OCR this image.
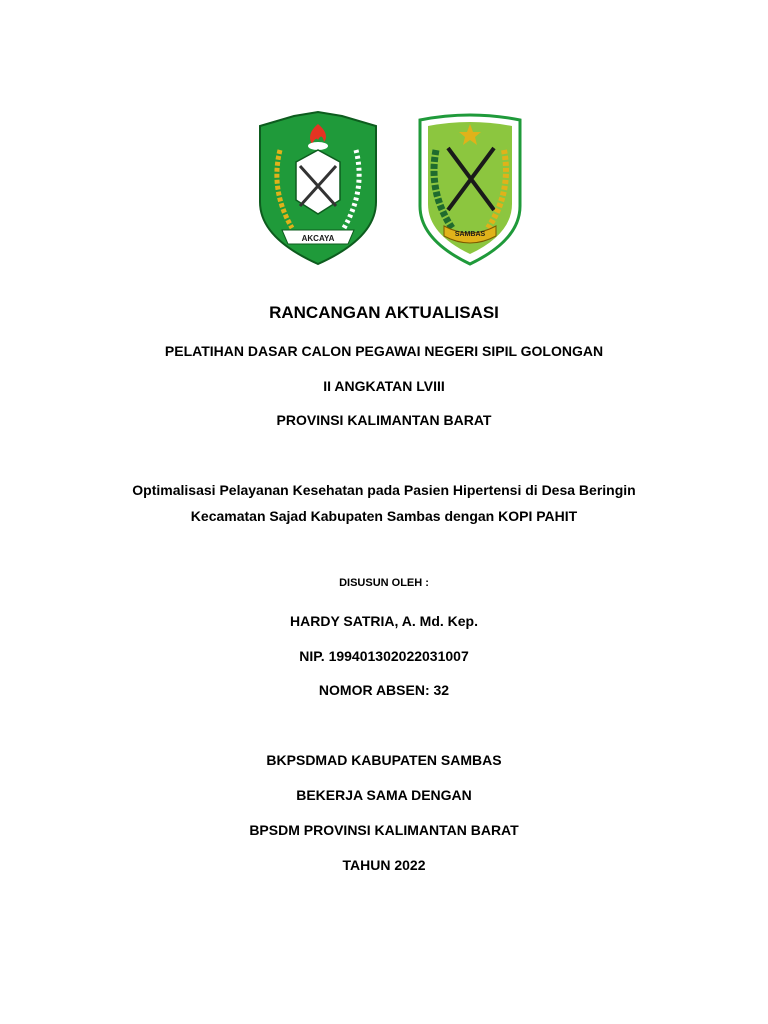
AKCAYA	SAMBAS
RANCANGAN AKTUALISASI
PELATIHAN DASAR CALON PEGAWAI NEGERI SIPIL GOLONGAN
II ANGKATAN LVIII
PROVINSI KALIMANTAN BARAT
Optimalisasi Pelayanan Kesehatan pada Pasien Hipertensi di Desa Beringin
Kecamatan Sajad Kabupaten Sambas dengan KOPI PAHIT
DISUSUN OLEH :
HARDY SATRIA, A. Md. Kep.
NIP. 199401302022031007
NOMOR ABSEN: 32
BKPSDMAD KABUPATEN SAMBAS
BEKERJA SAMA DENGAN
BPSDM PROVINSI KALIMANTAN BARAT
TAHUN 2022
